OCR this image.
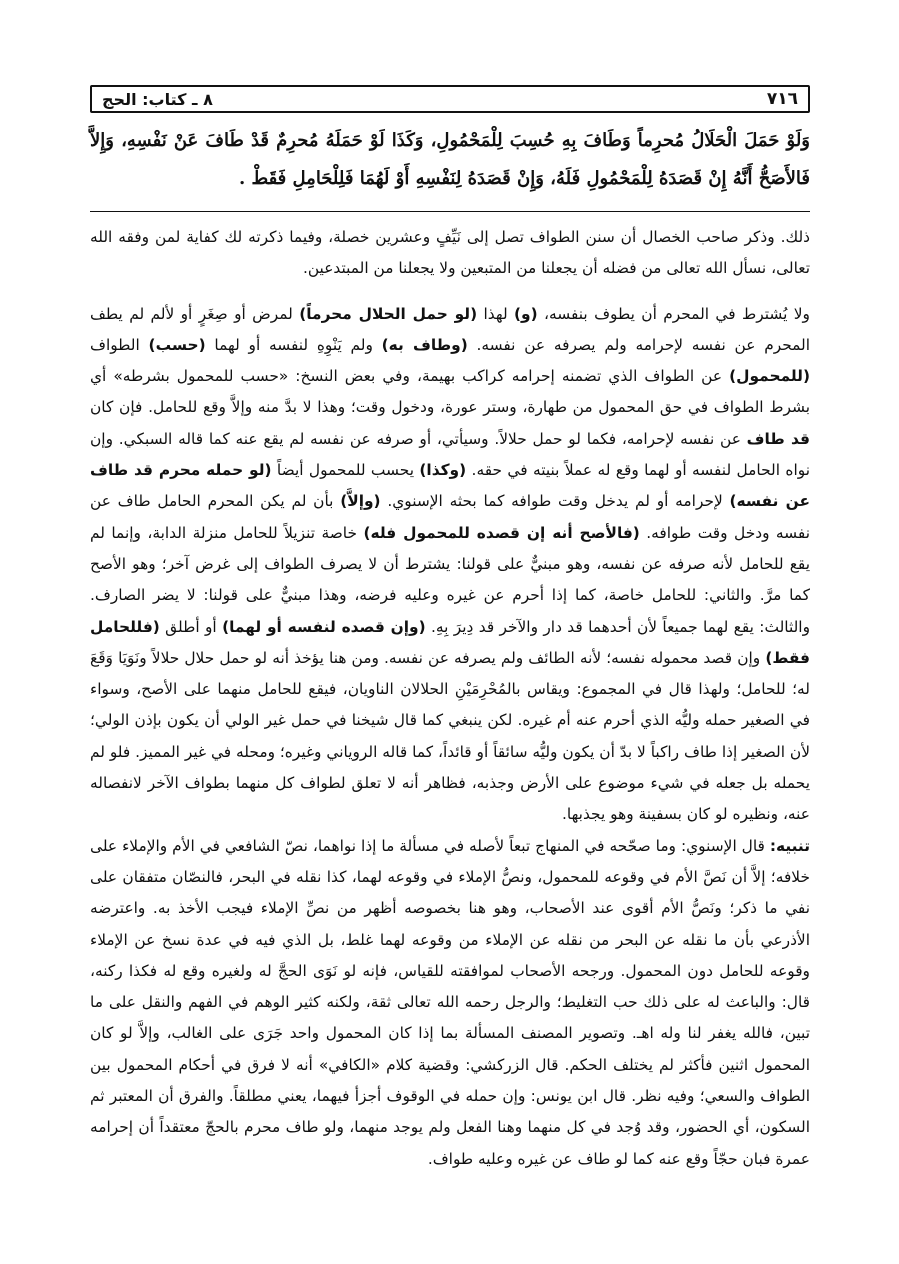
٧١٦
٨ ـ كتاب: الحج

وَلَوْ حَمَلَ الْحَلَالُ مُحرِماً وَطَافَ بِهِ حُسِبَ لِلْمَحْمُولِ، وَكَذَا لَوْ حَمَلَهُ مُحرِمٌ قَدْ طَافَ عَنْ نَفْسِهِ، وَإِلاَّ فَالأَصَحُّ أَنَّهُ إِنْ قَصَدَهُ لِلْمَحْمُولِ فَلَهُ، وَإِنْ قَصَدَهُ لِنَفْسِهِ أَوْ لَهُمَا فَلِلْحَامِلِ فَقَطْ .

ذلك. وذكر صاحب الخصال أن سنن الطواف تصل إلى نَيِّفٍ وعشرين خصلة، وفيما ذكرته لك كفاية لمن وفقه الله تعالى، نسأل الله تعالى من فضله أن يجعلنا من المتبعين ولا يجعلنا من المبتدعين.

ولا يُشترط في المحرم أن يطوف بنفسه، (و) لهذا (لو حمل الحلال محرماً) لمرض أو صِغَرٍ أو لألم لم يطف المحرم عن نفسه لإحرامه ولم يصرفه عن نفسه. (وطاف به) ولم يَنْوِهِ لنفسه أو لهما (حسب) الطواف (للمحمول) عن الطواف الذي تضمنه إحرامه كراكب بهيمة، وفي بعض النسخ: «حسب للمحمول بشرطه» أي بشرط الطواف في حق المحمول من طهارة، وستر عورة، ودخول وقت؛ وهذا لا بدَّ منه وإلاَّ وقع للحامل. فإن كان قد طاف عن نفسه لإحرامه، فكما لو حمل حلالاً. وسيأتي، أو صرفه عن نفسه لم يقع عنه كما قاله السبكي. وإن نواه الحامل لنفسه أو لهما وقع له عملاً بنيته في حقه. (وكذا) يحسب للمحمول أيضاً (لو حمله محرم قد طاف عن نفسه) لإحرامه أو لم يدخل وقت طوافه كما بحثه الإسنوي. (وإلاَّ) بأن لم يكن المحرم الحامل طاف عن نفسه ودخل وقت طوافه. (فالأصح أنه إن قصده للمحمول فله) خاصة تنزيلاً للحامل منزلة الدابة، وإنما لم يقع للحامل لأنه صرفه عن نفسه، وهو مبنيٌّ على قولنا: يشترط أن لا يصرف الطواف إلى غرض آخر؛ وهو الأصح كما مرَّ. والثاني: للحامل خاصة، كما إذا أحرم عن غيره وعليه فرضه، وهذا مبنيٌّ على قولنا: لا يضر الصارف. والثالث: يقع لهما جميعاً لأن أحدهما قد دار والآخر قد دِيرَ بِهِ. (وإن قصده لنفسه أو لهما) أو أطلق (فللحامل فقط) وإن قصد محموله نفسه؛ لأنه الطائف ولم يصرفه عن نفسه. ومن هنا يؤخذ أنه لو حمل حلال حلالاً ونَوَيَا وَقَعَ له؛ للحامل؛ ولهذا قال في المجموع: ويقاس بالمُحْرِمَيْنِ الحلالان الناويان، فيقع للحامل منهما على الأصح، وسواء في الصغير حمله وليُّه الذي أحرم عنه أم غيره. لكن ينبغي كما قال شيخنا في حمل غير الولي أن يكون بإذن الولي؛ لأن الصغير إذا طاف راكباً لا بدّ أن يكون وليُّه سائقاً أو قائداً، كما قاله الروياني وغيره؛ ومحله في غير المميز. فلو لم يحمله بل جعله في شيء موضوع على الأرض وجذبه، فظاهر أنه لا تعلق لطواف كل منهما بطواف الآخر لانفصاله عنه، ونظيره لو كان بسفينة وهو يجذبها.

تنبيه: قال الإسنوي: وما صحّحه في المنهاج تبعاً لأصله في مسألة ما إذا نواهما، نصّ الشافعي في الأم والإملاء على خلافه؛ إلاَّ أن نَصَّ الأم في وقوعه للمحمول، ونصُّ الإملاء في وقوعه لهما، كذا نقله في البحر، فالنصّان متفقان على نفي ما ذكر؛ ونَصُّ الأم أقوى عند الأصحاب، وهو هنا بخصوصه أظهر من نصِّ الإملاء فيجب الأخذ به. واعترضه الأذرعي بأن ما نقله عن البحر من نقله عن الإملاء من وقوعه لهما غلط، بل الذي فيه في عدة نسخ عن الإملاء وقوعه للحامل دون المحمول. ورجحه الأصحاب لموافقته للقياس، فإنه لو نَوَى الحجَّ له ولغيره وقع له فكذا ركنه، قال: والباعث له على ذلك حب التغليط؛ والرجل رحمه الله تعالى ثقة، ولكنه كثير الوهم في الفهم والنقل على ما تبين، فالله يغفر لنا وله اهـ. وتصوير المصنف المسألة بما إذا كان المحمول واحد جَرَى على الغالب، وإلاَّ لو كان المحمول اثنين فأكثر لم يختلف الحكم. قال الزركشي: وقضية كلام «الكافي» أنه لا فرق في أحكام المحمول بين الطواف والسعي؛ وفيه نظر. قال ابن يونس: وإن حمله في الوقوف أجزأ فيهما، يعني مطلقاً. والفرق أن المعتبر ثم السكون، أي الحضور، وقد وُجد في كل منهما وهنا الفعل ولم يوجد منهما، ولو طاف محرم بالحجّ معتقداً أن إحرامه عمرة فبان حجّاً وقع عنه كما لو طاف عن غيره وعليه طواف.
